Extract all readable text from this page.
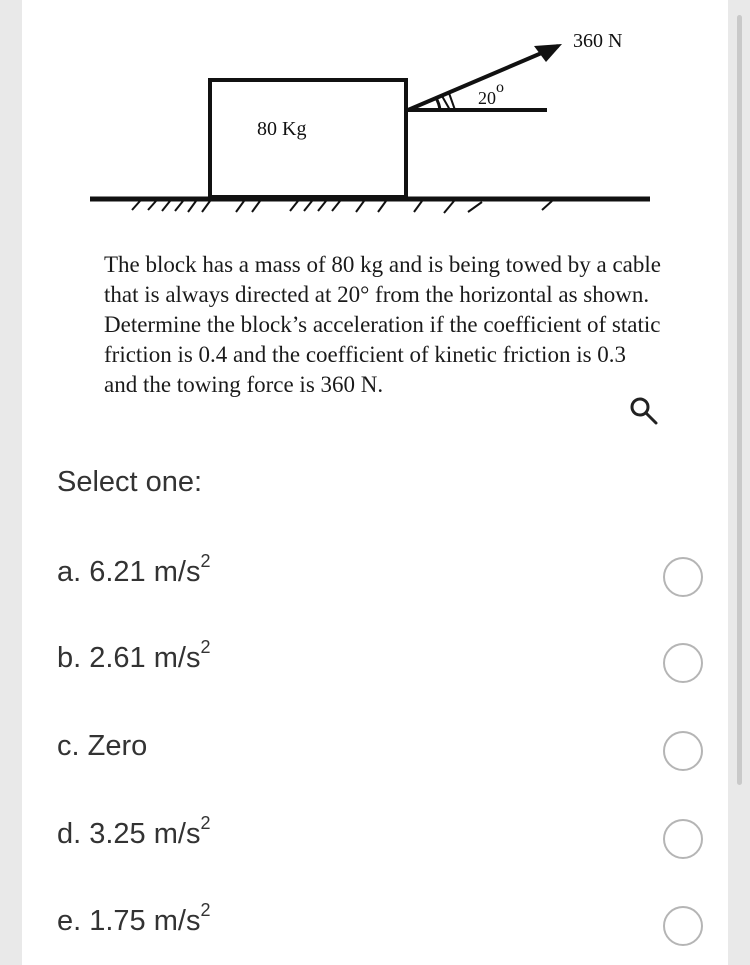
360 N
20o
80 Kg
The block has a mass of 80 kg and is being towed by a cable that is always directed at 20° from the horizontal as shown. Determine the block’s acceleration if the coefficient of static friction is 0.4 and the coefficient of kinetic friction is 0.3 and the towing force is 360 N.
Select one:
a. 6.21 $m/s^2$
b. 2.61 $m/s^2$
c. Zero
d. 3.25 $m/s^2$
e. 1.75 $m/s^2$
